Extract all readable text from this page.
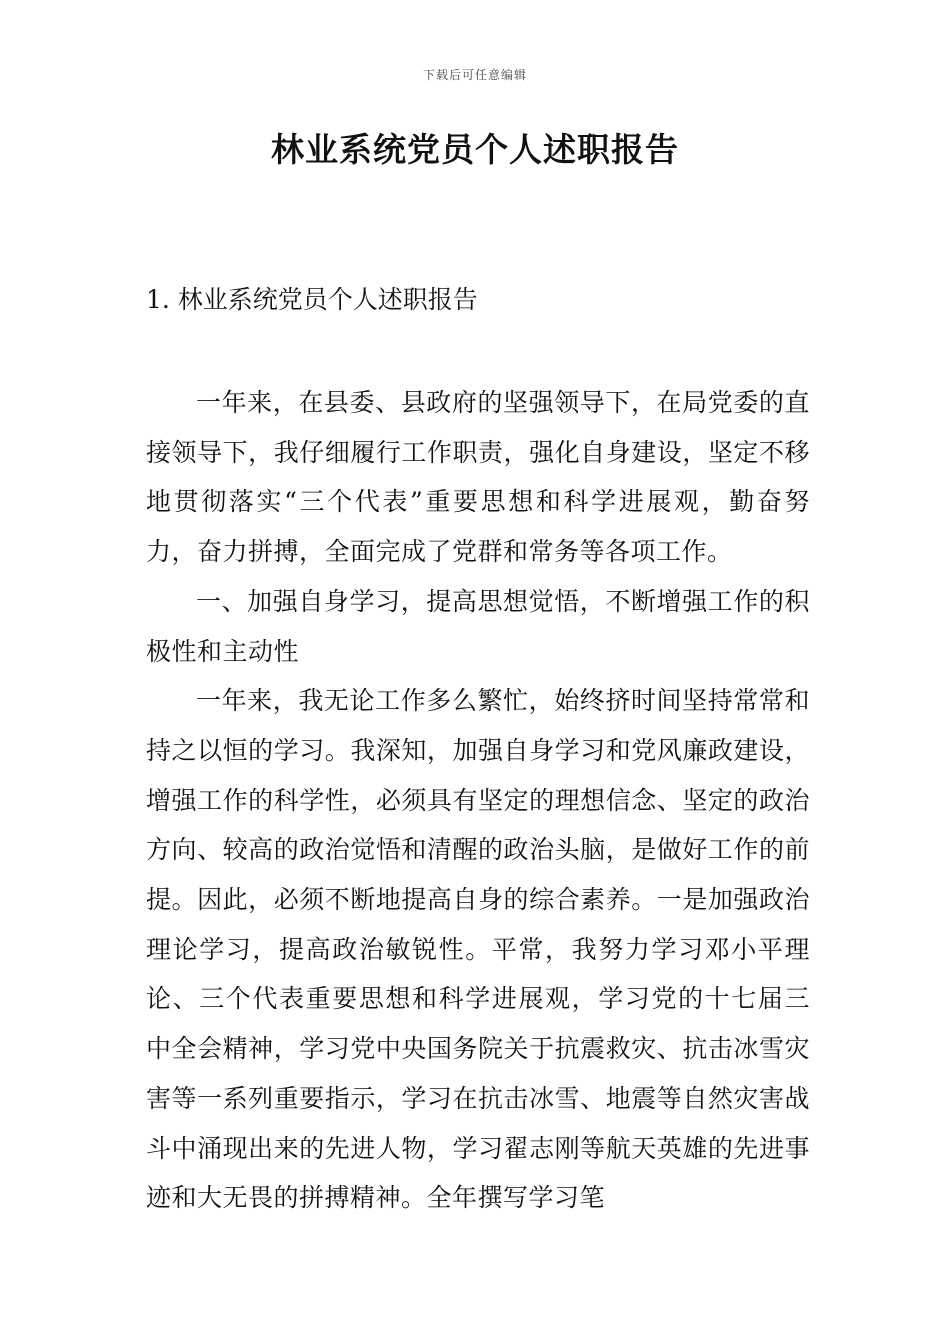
下载后可任意编辑
林业系统党员个人述职报告
1. 林业系统党员个人述职报告

一年来，在县委、县政府的坚强领导下，在局党委的直接领导下，我仔细履行工作职责，强化自身建设，坚定不移地贯彻落实“三个代表”重要思想和科学进展观，勤奋努力，奋力拼搏，全面完成了党群和常务等各项工作。

一、加强自身学习，提高思想觉悟，不断增强工作的积极性和主动性

一年来，我无论工作多么繁忙，始终挤时间坚持常常和持之以恒的学习。我深知，加强自身学习和党风廉政建设，增强工作的科学性，必须具有坚定的理想信念、坚定的政治方向、较高的政治觉悟和清醒的政治头脑，是做好工作的前提。因此，必须不断地提高自身的综合素养。一是加强政治理论学习，提高政治敏锐性。平常，我努力学习邓小平理论、三个代表重要思想和科学进展观，学习党的十七届三 中全会精神，学习党中央国务院关于抗震救灾、抗击冰雪灾害等一系列重要指示，学习在抗击冰雪、地震等自然灾害战斗中涌现出来的先进人物，学习翟志刚等航天英雄的先进事迹和大无畏的拼搏精神。全年撰写学习笔
